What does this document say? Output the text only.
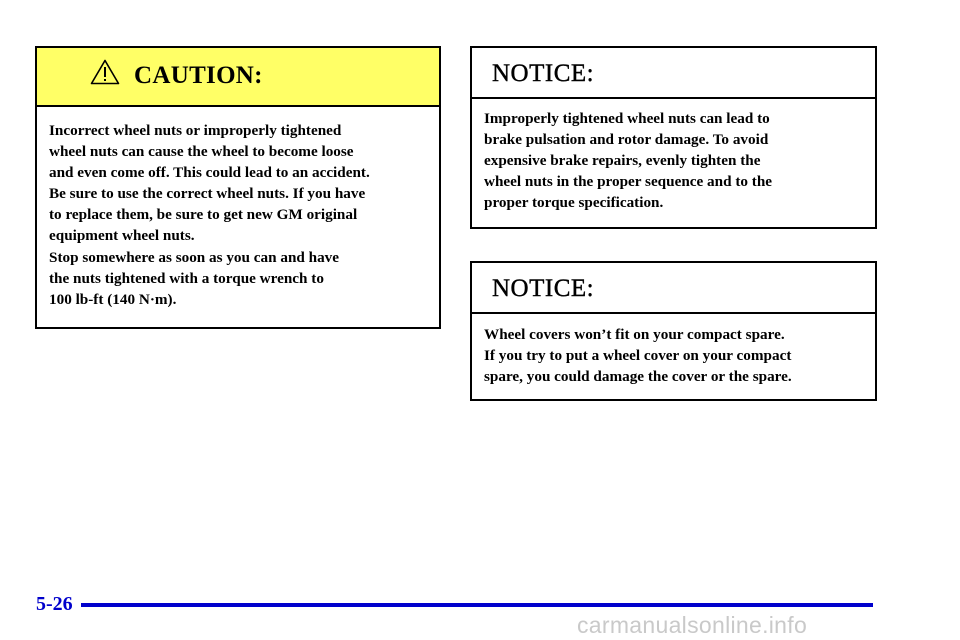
CAUTION:

Incorrect wheel nuts or improperly tightened
wheel nuts can cause the wheel to become loose
and even come off. This could lead to an accident.
Be sure to use the correct wheel nuts. If you have
to replace them, be sure to get new GM original
equipment wheel nuts.

Stop somewhere as soon as you can and have
the nuts tightened with a torque wrench to
100 lb-ft (140 N·m).

NOTICE:

Improperly tightened wheel nuts can lead to
brake pulsation and rotor damage. To avoid
expensive brake repairs, evenly tighten the
wheel nuts in the proper sequence and to the
proper torque specification.

NOTICE:

Wheel covers won’t fit on your compact spare.
If you try to put a wheel cover on your compact
spare, you could damage the cover or the spare.

5-26
carmanualsonline.info
